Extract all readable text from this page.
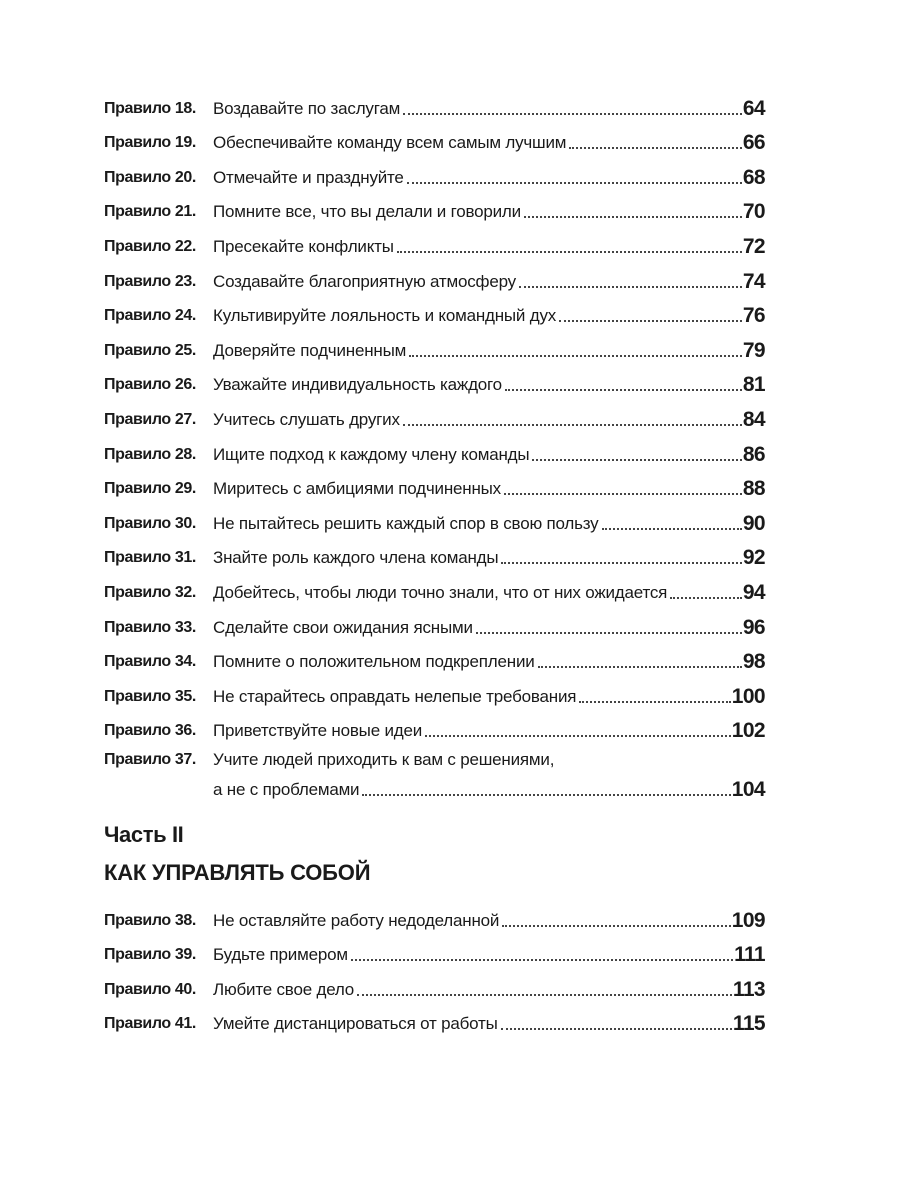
Правило 18.	Воздавайте по заслугам	64
Правило 19.	Обеспечивайте команду всем самым лучшим	66
Правило 20.	Отмечайте и празднуйте	68
Правило 21.	Помните все, что вы делали и говорили	70
Правило 22.	Пресекайте конфликты	72
Правило 23.	Создавайте благоприятную атмосферу	74
Правило 24.	Культивируйте лояльность и командный дух	76
Правило 25.	Доверяйте подчиненным	79
Правило 26.	Уважайте индивидуальность каждого	81
Правило 27.	Учитесь слушать других	84
Правило 28.	Ищите подход к каждому члену команды	86
Правило 29.	Миритесь с амбициями подчиненных	88
Правило 30.	Не пытайтесь решить каждый спор в свою пользу	90
Правило 31.	Знайте роль каждого члена команды	92
Правило 32.	Добейтесь, чтобы люди точно знали, что от них ожидается	94
Правило 33.	Сделайте свои ожидания ясными	96
Правило 34.	Помните о положительном подкреплении	98
Правило 35.	Не старайтесь оправдать нелепые требования	100
Правило 36.	Приветствуйте новые идеи	102
Правило 37.	Учите людей приходить к вам с решениями,
а не с проблемами	104
Часть II
КАК УПРАВЛЯТЬ СОБОЙ
Правило 38.	Не оставляйте работу недоделанной	109
Правило 39.	Будьте примером	111
Правило 40.	Любите свое дело	113
Правило 41.	Умейте дистанцироваться от работы	115
